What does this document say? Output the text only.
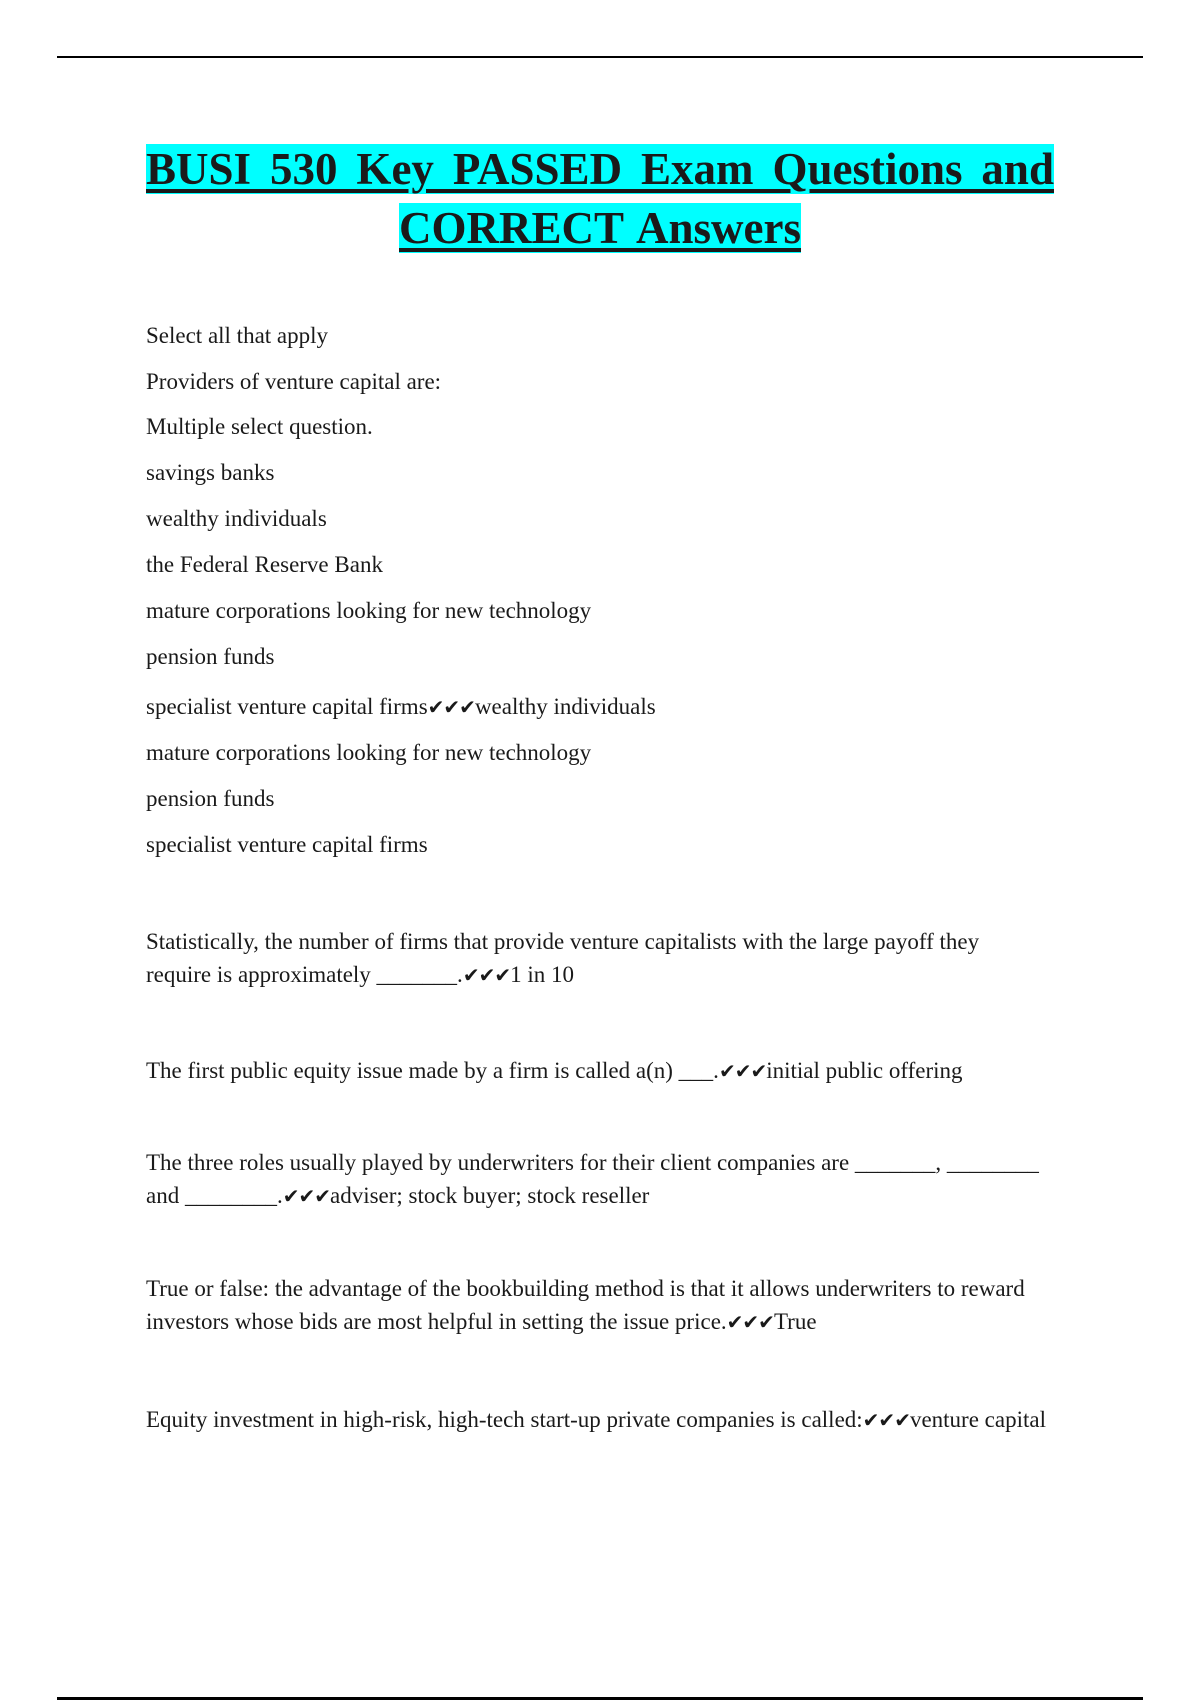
BUSI 530 Key PASSED Exam Questions and CORRECT Answers
Select all that apply
Providers of venture capital are:
Multiple select question.
savings banks
wealthy individuals
the Federal Reserve Bank
mature corporations looking for new technology
pension funds
specialist venture capital firms✔✔✔wealthy individuals
mature corporations looking for new technology
pension funds
specialist venture capital firms
Statistically, the number of firms that provide venture capitalists with the large payoff they require is approximately _______.✔✔✔1 in 10
The first public equity issue made by a firm is called a(n) ___.✔✔✔initial public offering
The three roles usually played by underwriters for their client companies are _______, ________ and ________.✔✔✔adviser; stock buyer; stock reseller
True or false: the advantage of the bookbuilding method is that it allows underwriters to reward investors whose bids are most helpful in setting the issue price.✔✔✔True
Equity investment in high-risk, high-tech start-up private companies is called:✔✔✔venture capital
